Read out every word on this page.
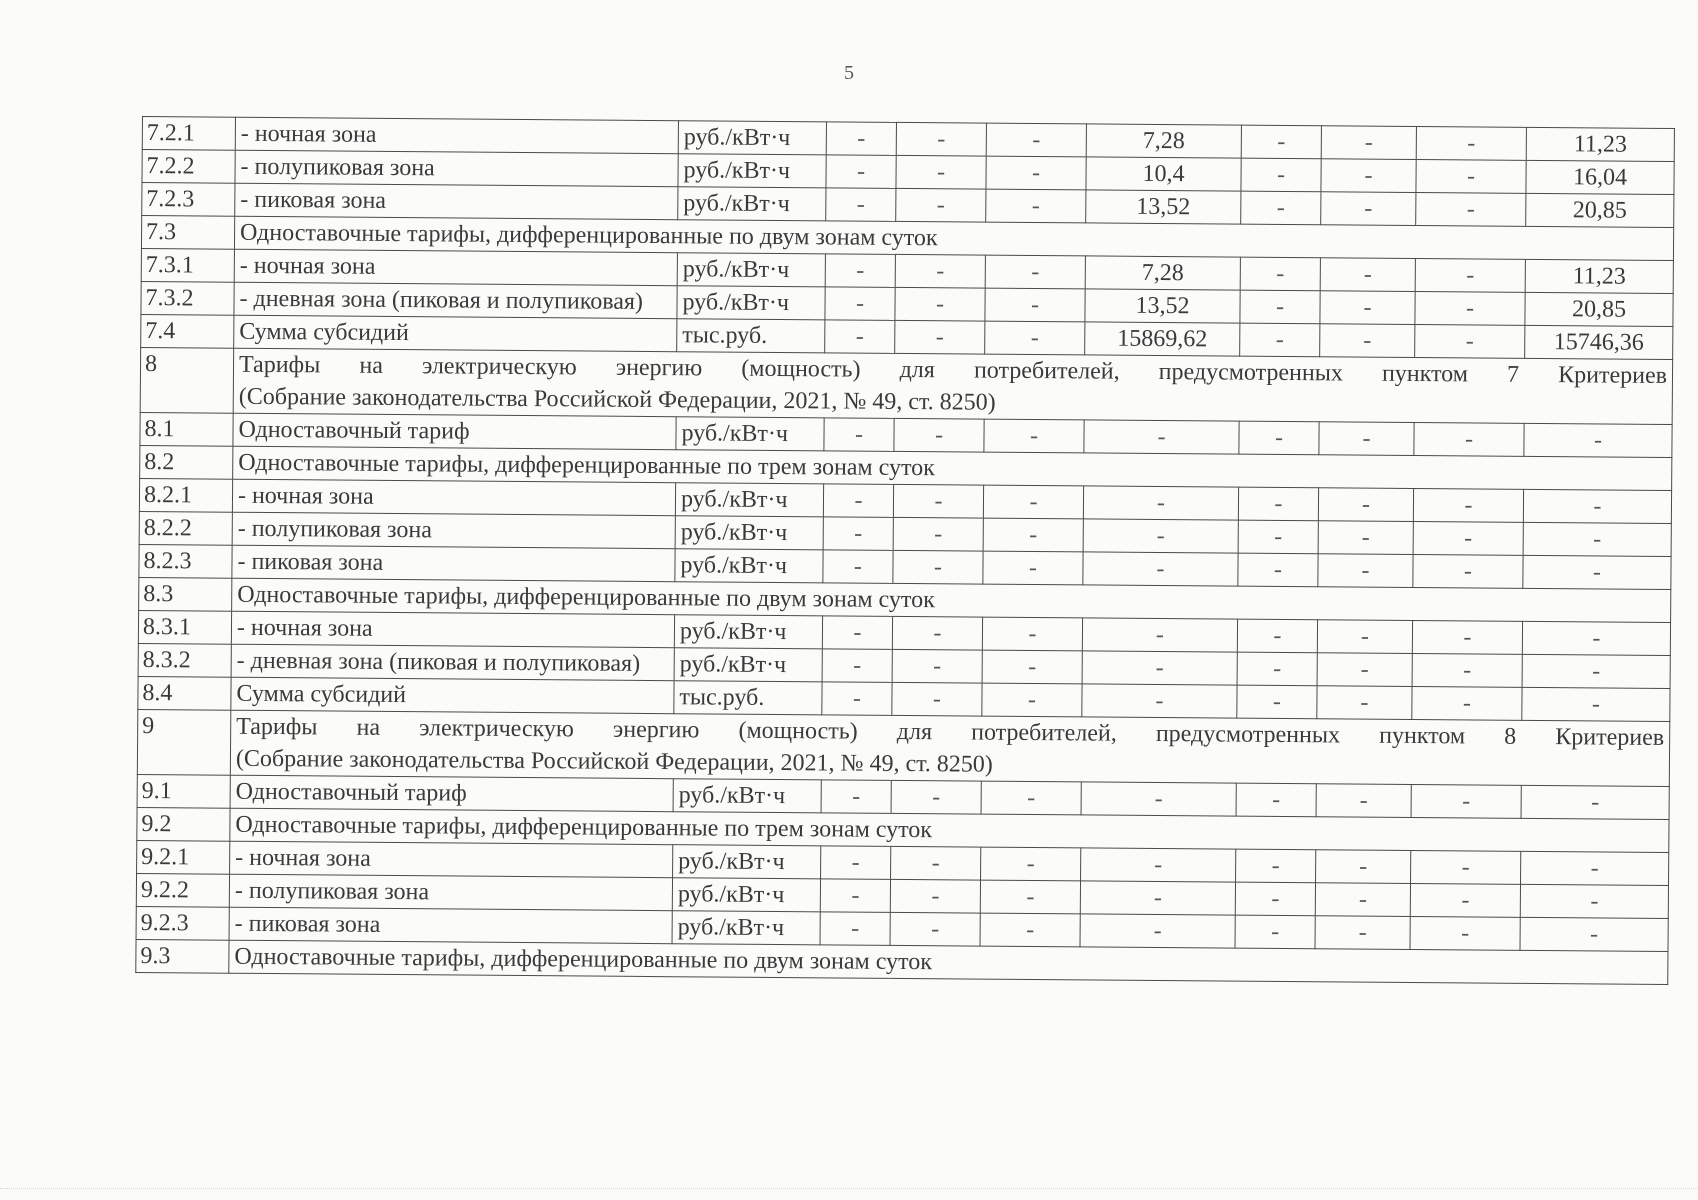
5
7.2.1	- ночная зона	руб./кВт·ч	-	-	-	7,28	-	-	-	11,23
7.2.2	- полупиковая зона	руб./кВт·ч	-	-	-	10,4	-	-	-	16,04
7.2.3	- пиковая зона	руб./кВт·ч	-	-	-	13,52	-	-	-	20,85
7.3	Одноставочные тарифы, дифференцированные по двум зонам суток									
7.3.1	- ночная зона	руб./кВт·ч	-	-	-	7,28	-	-	-	11,23
7.3.2	- дневная зона (пиковая и полупиковая)	руб./кВт·ч	-	-	-	13,52	-	-	-	20,85
7.4	Сумма субсидий	тыс.руб.	-	-	-	15869,62	-	-	-	15746,36
8	Тарифы на электрическую энергию (мощность) для потребителей, предусмотренных пунктом 7 Критериев
(Собрание законодательства Российской Федерации, 2021, № 49, ст. 8250)									

8.1	Одноставочный тариф	руб./кВт·ч	-	-	-	-	-	-	-	-
8.2	Одноставочные тарифы, дифференцированные по трем зонам суток									
8.2.1	- ночная зона	руб./кВт·ч	-	-	-	-	-	-	-	-
8.2.2	- полупиковая зона	руб./кВт·ч	-	-	-	-	-	-	-	-
8.2.3	- пиковая зона	руб./кВт·ч	-	-	-	-	-	-	-	-
8.3	Одноставочные тарифы, дифференцированные по двум зонам суток									
8.3.1	- ночная зона	руб./кВт·ч	-	-	-	-	-	-	-	-
8.3.2	- дневная зона (пиковая и полупиковая)	руб./кВт·ч	-	-	-	-	-	-	-	-
8.4	Сумма субсидий	тыс.руб.	-	-	-	-	-	-	-	-
9	Тарифы на электрическую энергию (мощность) для потребителей, предусмотренных пунктом 8 Критериев
(Собрание законодательства Российской Федерации, 2021, № 49, ст. 8250)									

9.1	Одноставочный тариф	руб./кВт·ч	-	-	-	-	-	-	-	-
9.2	Одноставочные тарифы, дифференцированные по трем зонам суток									
9.2.1	- ночная зона	руб./кВт·ч	-	-	-	-	-	-	-	-
9.2.2	- полупиковая зона	руб./кВт·ч	-	-	-	-	-	-	-	-
9.2.3	- пиковая зона	руб./кВт·ч	-	-	-	-	-	-	-	-
9.3	Одноставочные тарифы, дифференцированные по двум зонам суток									
